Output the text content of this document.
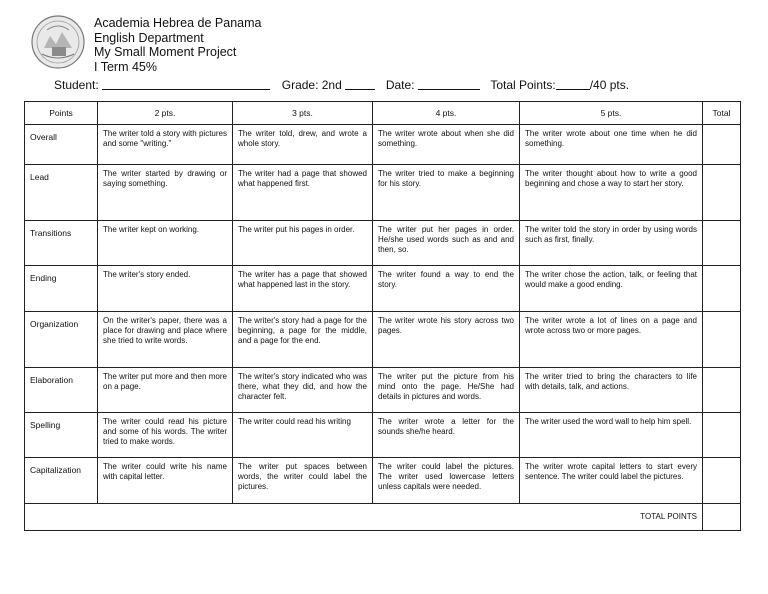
Academia Hebrea de Panama
English Department
My Small Moment Project
I Term 45%
Student:	Grade: 2nd	Date:	Total Points:	/40 pts.
Points	2 pts.	3 pts.	4 pts.	5 pts.	Total
Overall	The writer told a story with pictures and some "writing."	The writer told, drew, and wrote a whole story.	The writer wrote about when she did something.	The writer wrote about one time when he did something.	
Lead	The writer started by drawing or saying something.	The writer had a page that showed what happened first.	The writer tried to make a beginning for his story.	The writer thought about how to write a good beginning and chose a way to start her story.	
Transitions	The writer kept on working.	The writer put his pages in order.	The writer put her pages in order. He/she used words such as and and then, so.	The writer told the story in order by using words such as first, finally.	
Ending	The writer's story ended.	The writer has a page that showed what happened last in the story.	The writer found a way to end the story.	The writer chose the action, talk, or feeling that would make a good ending.	
Organization	On the writer's paper, there was a place for drawing and place where she tried to write words.	The writer's story had a page for the beginning, a page for the middle, and a page for the end.	The writer wrote his story across two pages.	The writer wrote a lot of lines on a page and wrote across two or more pages.	
Elaboration	The writer put more and then more on a page.	The writer's story indicated who was there, what they did, and how the character felt.	The writer put the picture from his mind onto the page. He/She had details in pictures and words.	The writer tried to bring the characters to life with details, talk, and actions.	
Spelling	The writer could read his picture and some of his words. The writer tried to make words.	The writer could read his writing	The writer wrote a letter for the sounds she/he heard.	The writer used the word wall to help him spell.	
Capitalization	The writer could write his name with capital letter.	The writer put spaces between words, the writer could label the pictures.	The writer could label the pictures. The writer used lowercase letters unless capitals were needed.	The writer wrote capital letters to start every sentence. The writer could label the pictures.	
TOTAL POINTS					
